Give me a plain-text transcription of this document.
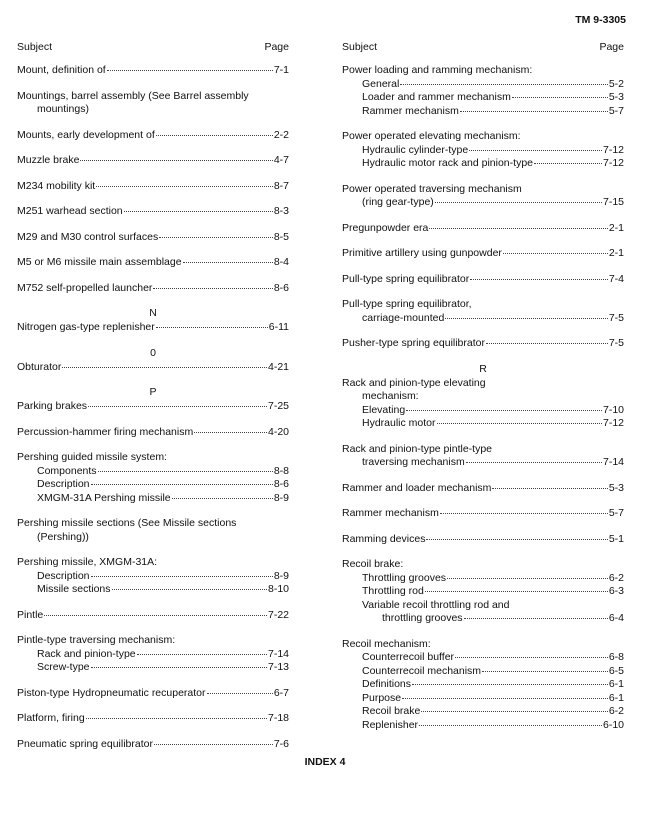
TM 9-3305
Subject	Page
Mount, definition of	7-1
Mountings, barrel assembly (See Barrel assembly
mountings)
Mounts, early development of	2-2
Muzzle brake	4-7
M234 mobility kit	8-7
M251 warhead section	8-3
M29 and M30 control surfaces	8-5
M5 or M6 missile main assemblage	8-4
M752 self-propelled launcher	8-6
N
Nitrogen gas-type replenisher	6-11
0
Obturator	4-21
P
Parking brakes	7-25
Percussion-hammer firing mechanism	4-20
Pershing guided missile system:
Components	8-8
Description	8-6
XMGM-31A Pershing missile	8-9
Pershing missile sections (See Missile sections
(Pershing))
Pershing missile, XMGM-31A:
Description	8-9
Missile sections	8-10
Pintle	7-22
Pintle-type traversing mechanism:
Rack and pinion-type	7-14
Screw-type	7-13
Piston-type Hydropneumatic recuperator	6-7
Platform, firing	7-18
Pneumatic spring equilibrator	7-6
Subject	Page
Power loading and ramming mechanism:
General	5-2
Loader and rammer mechanism	5-3
Rammer mechanism	5-7
Power operated elevating mechanism:
Hydraulic cylinder-type	7-12
Hydraulic motor rack and pinion-type	7-12
Power operated traversing mechanism
(ring gear-type)	7-15
Pregunpowder era	2-1
Primitive artillery using gunpowder	2-1
Pull-type spring equilibrator	7-4
Pull-type spring equilibrator,
carriage-mounted	7-5
Pusher-type spring equilibrator	7-5
R
Rack and pinion-type elevating
mechanism:
Elevating	7-10
Hydraulic motor	7-12
Rack and pinion-type pintle-type
traversing mechanism	7-14
Rammer and loader mechanism	5-3
Rammer mechanism	5-7
Ramming devices	5-1
Recoil brake:
Throttling grooves	6-2
Throttling rod	6-3
Variable recoil throttling rod and
throttling grooves	6-4
Recoil mechanism:
Counterrecoil buffer	6-8
Counterrecoil mechanism	6-5
Definitions	6-1
Purpose	6-1
Recoil brake	6-2
Replenisher	6-10
INDEX 4
